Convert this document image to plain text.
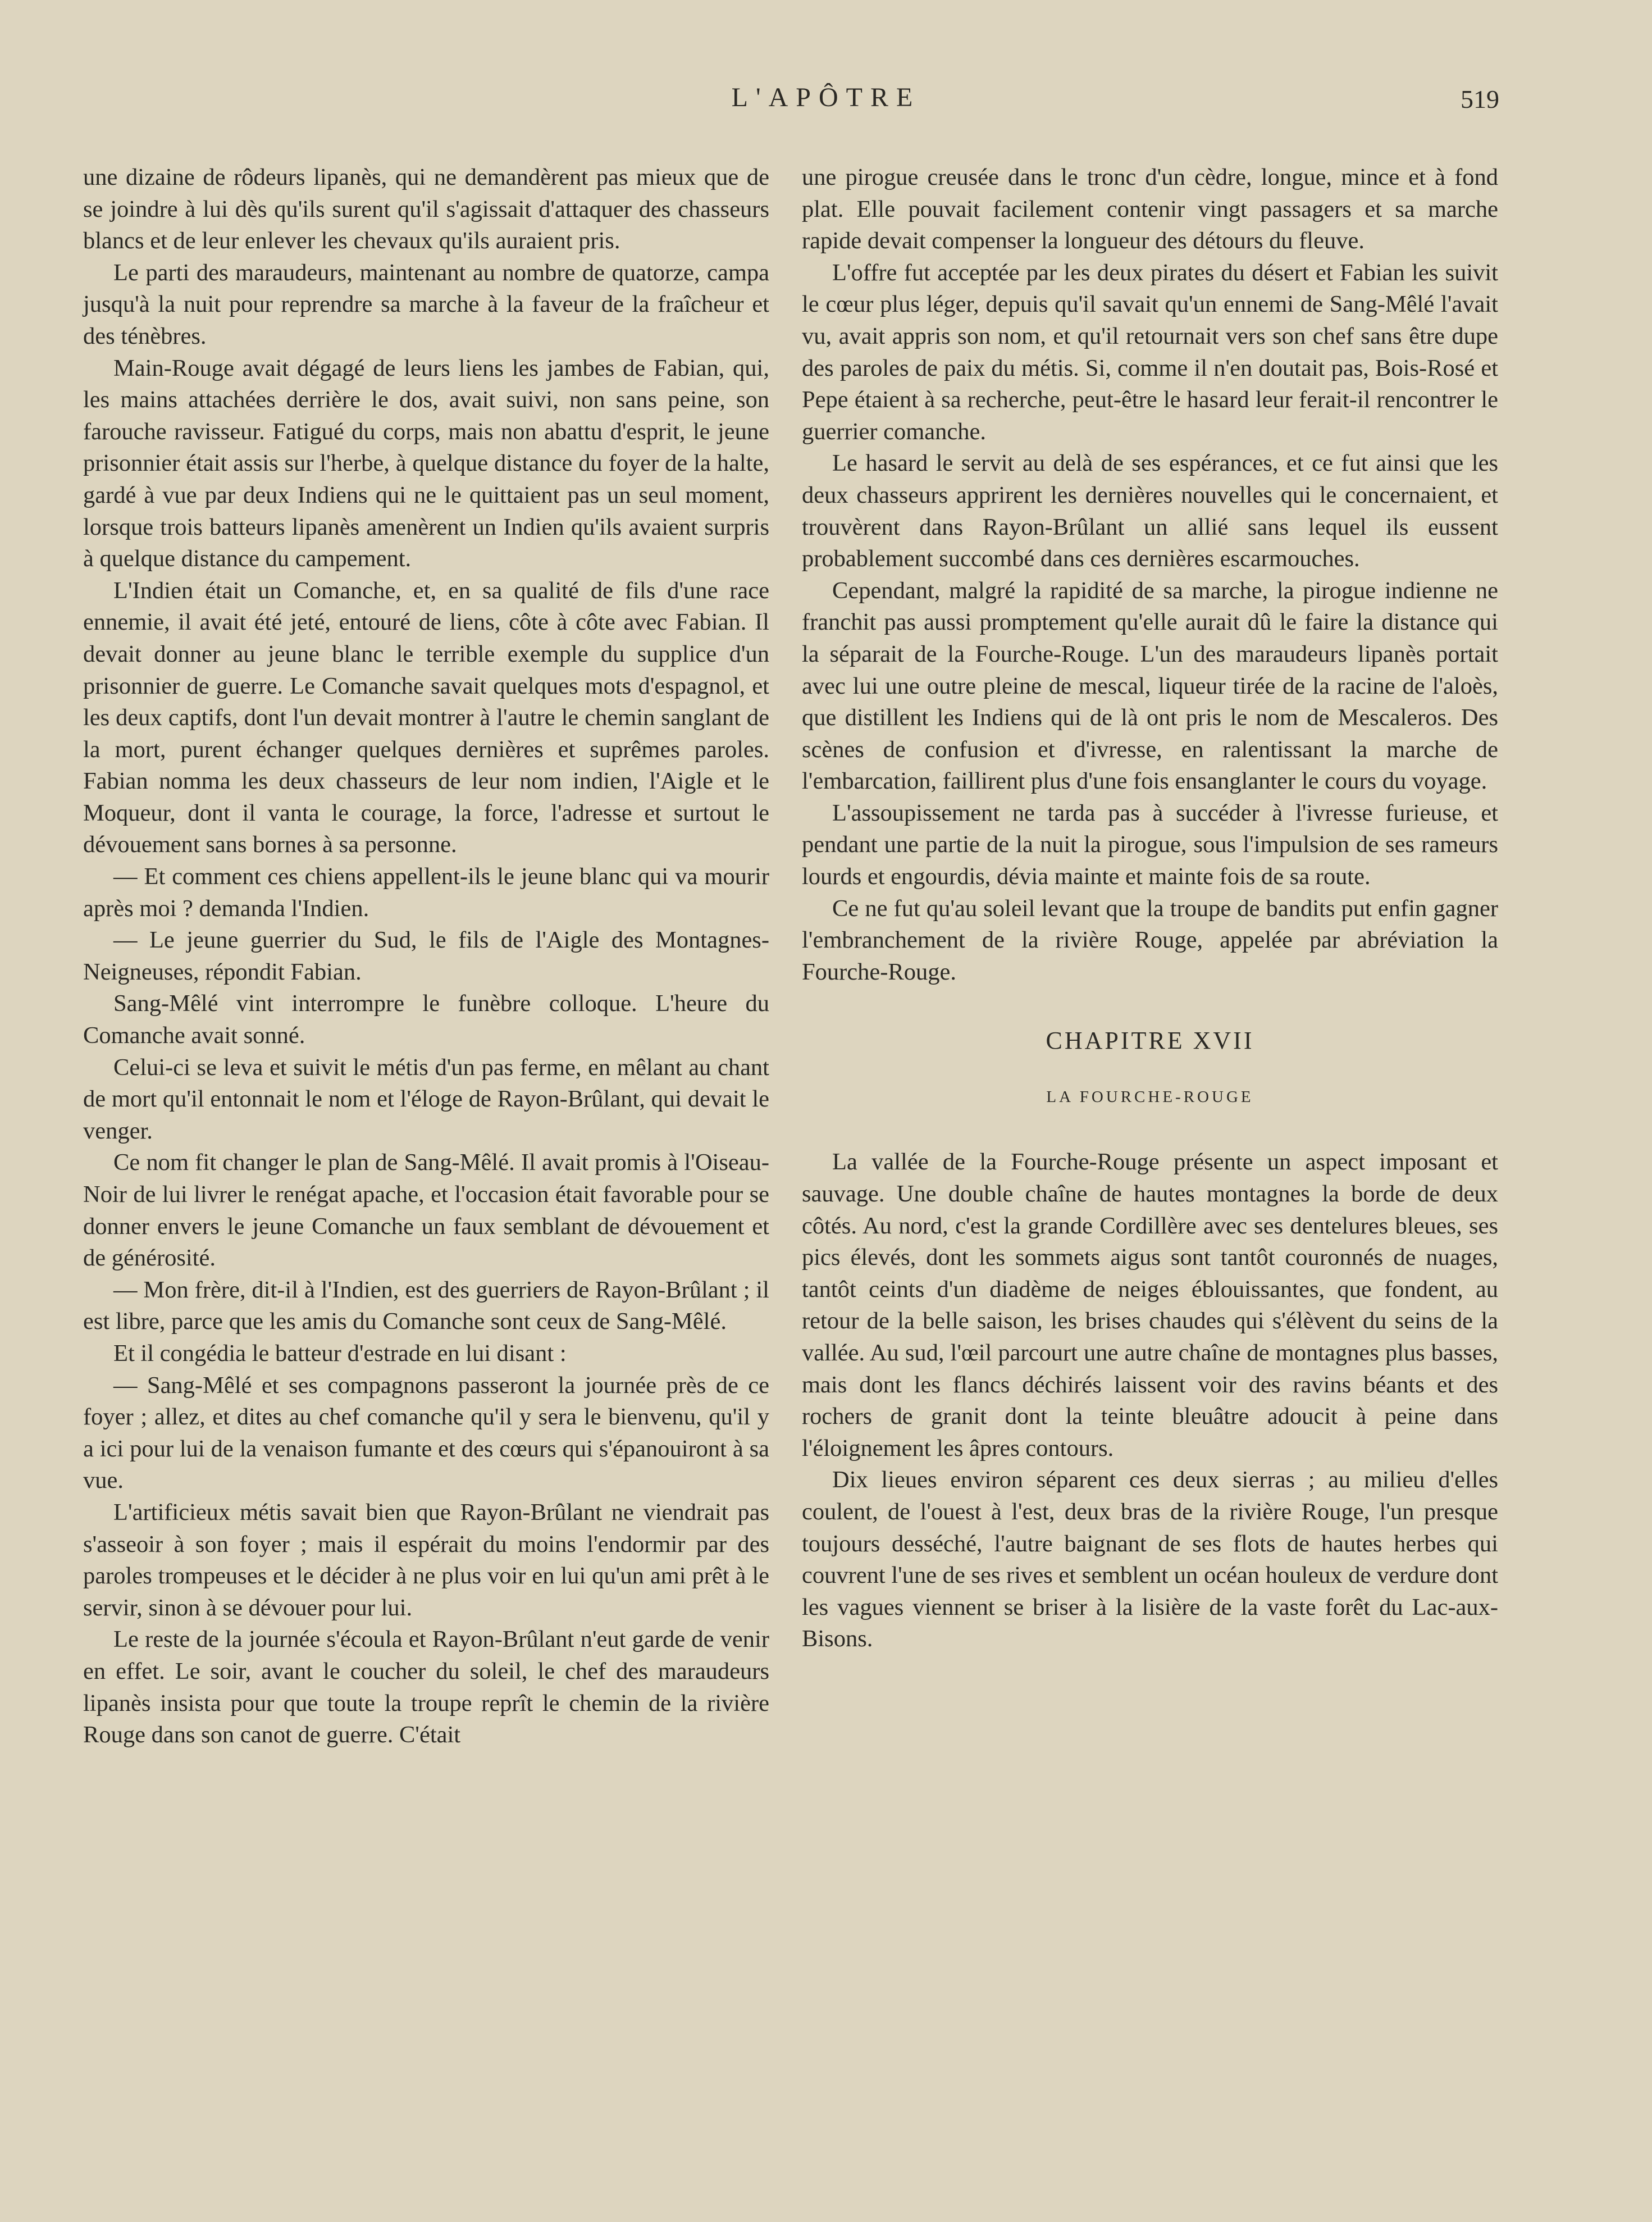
L'APÔTRE	519

une dizaine de rôdeurs lipanès, qui ne demandèrent pas mieux que de se joindre à lui dès qu'ils surent qu'il s'agissait d'attaquer des chasseurs blancs et de leur enlever les chevaux qu'ils auraient pris.

Le parti des maraudeurs, maintenant au nombre de quatorze, campa jusqu'à la nuit pour reprendre sa marche à la faveur de la fraîcheur et des ténèbres.

Main-Rouge avait dégagé de leurs liens les jambes de Fabian, qui, les mains attachées derrière le dos, avait suivi, non sans peine, son farouche ravisseur. Fatigué du corps, mais non abattu d'esprit, le jeune prisonnier était assis sur l'herbe, à quelque distance du foyer de la halte, gardé à vue par deux Indiens qui ne le quittaient pas un seul moment, lorsque trois batteurs lipanès amenèrent un Indien qu'ils avaient surpris à quelque distance du campement.

L'Indien était un Comanche, et, en sa qualité de fils d'une race ennemie, il avait été jeté, entouré de liens, côte à côte avec Fabian. Il devait donner au jeune blanc le terrible exemple du supplice d'un prisonnier de guerre. Le Comanche savait quelques mots d'espagnol, et les deux captifs, dont l'un devait montrer à l'autre le chemin sanglant de la mort, purent échanger quelques dernières et suprêmes paroles. Fabian nomma les deux chasseurs de leur nom indien, l'Aigle et le Moqueur, dont il vanta le courage, la force, l'adresse et surtout le dévouement sans bornes à sa personne.

— Et comment ces chiens appellent-ils le jeune blanc qui va mourir après moi ? demanda l'Indien.

— Le jeune guerrier du Sud, le fils de l'Aigle des Montagnes-Neigneuses, répondit Fabian.

Sang-Mêlé vint interrompre le funèbre colloque. L'heure du Comanche avait sonné.

Celui-ci se leva et suivit le métis d'un pas ferme, en mêlant au chant de mort qu'il entonnait le nom et l'éloge de Rayon-Brûlant, qui devait le venger.

Ce nom fit changer le plan de Sang-Mêlé. Il avait promis à l'Oiseau-Noir de lui livrer le renégat apache, et l'occasion était favorable pour se donner envers le jeune Comanche un faux semblant de dévouement et de générosité.

— Mon frère, dit-il à l'Indien, est des guerriers de Rayon-Brûlant ; il est libre, parce que les amis du Comanche sont ceux de Sang-Mêlé.

Et il congédia le batteur d'estrade en lui disant :

— Sang-Mêlé et ses compagnons passeront la journée près de ce foyer ; allez, et dites au chef comanche qu'il y sera le bienvenu, qu'il y a ici pour lui de la venaison fumante et des cœurs qui s'épanouiront à sa vue.

L'artificieux métis savait bien que Rayon-Brûlant ne viendrait pas s'asseoir à son foyer ; mais il espérait du moins l'endormir par des paroles trompeuses et le décider à ne plus voir en lui qu'un ami prêt à le servir, sinon à se dévouer pour lui.

Le reste de la journée s'écoula et Rayon-Brûlant n'eut garde de venir en effet. Le soir, avant le coucher du soleil, le chef des maraudeurs lipanès insista pour que toute la troupe reprît le chemin de la rivière Rouge dans son canot de guerre. C'était

une pirogue creusée dans le tronc d'un cèdre, longue, mince et à fond plat. Elle pouvait facilement contenir vingt passagers et sa marche rapide devait compenser la longueur des détours du fleuve.

L'offre fut acceptée par les deux pirates du désert et Fabian les suivit le cœur plus léger, depuis qu'il savait qu'un ennemi de Sang-Mêlé l'avait vu, avait appris son nom, et qu'il retournait vers son chef sans être dupe des paroles de paix du métis. Si, comme il n'en doutait pas, Bois-Rosé et Pepe étaient à sa recherche, peut-être le hasard leur ferait-il rencontrer le guerrier comanche.

Le hasard le servit au delà de ses espérances, et ce fut ainsi que les deux chasseurs apprirent les dernières nouvelles qui le concernaient, et trouvèrent dans Rayon-Brûlant un allié sans lequel ils eussent probablement succombé dans ces dernières escarmouches.

Cependant, malgré la rapidité de sa marche, la pirogue indienne ne franchit pas aussi promptement qu'elle aurait dû le faire la distance qui la séparait de la Fourche-Rouge. L'un des maraudeurs lipanès portait avec lui une outre pleine de mescal, liqueur tirée de la racine de l'aloès, que distillent les Indiens qui de là ont pris le nom de Mescaleros. Des scènes de confusion et d'ivresse, en ralentissant la marche de l'embarcation, faillirent plus d'une fois ensanglanter le cours du voyage.

L'assoupissement ne tarda pas à succéder à l'ivresse furieuse, et pendant une partie de la nuit la pirogue, sous l'impulsion de ses rameurs lourds et engourdis, dévia mainte et mainte fois de sa route.

Ce ne fut qu'au soleil levant que la troupe de bandits put enfin gagner l'embranchement de la rivière Rouge, appelée par abréviation la Fourche-Rouge.

CHAPITRE XVII
LA FOURCHE-ROUGE

La vallée de la Fourche-Rouge présente un aspect imposant et sauvage. Une double chaîne de hautes montagnes la borde de deux côtés. Au nord, c'est la grande Cordillère avec ses dentelures bleues, ses pics élevés, dont les sommets aigus sont tantôt couronnés de nuages, tantôt ceints d'un diadème de neiges éblouissantes, que fondent, au retour de la belle saison, les brises chaudes qui s'élèvent du seins de la vallée. Au sud, l'œil parcourt une autre chaîne de montagnes plus basses, mais dont les flancs déchirés laissent voir des ravins béants et des rochers de granit dont la teinte bleuâtre adoucit à peine dans l'éloignement les âpres contours.

Dix lieues environ séparent ces deux sierras ; au milieu d'elles coulent, de l'ouest à l'est, deux bras de la rivière Rouge, l'un presque toujours desséché, l'autre baignant de ses flots de hautes herbes qui couvrent l'une de ses rives et semblent un océan houleux de verdure dont les vagues viennent se briser à la lisière de la vaste forêt du Lac-aux-Bisons.
